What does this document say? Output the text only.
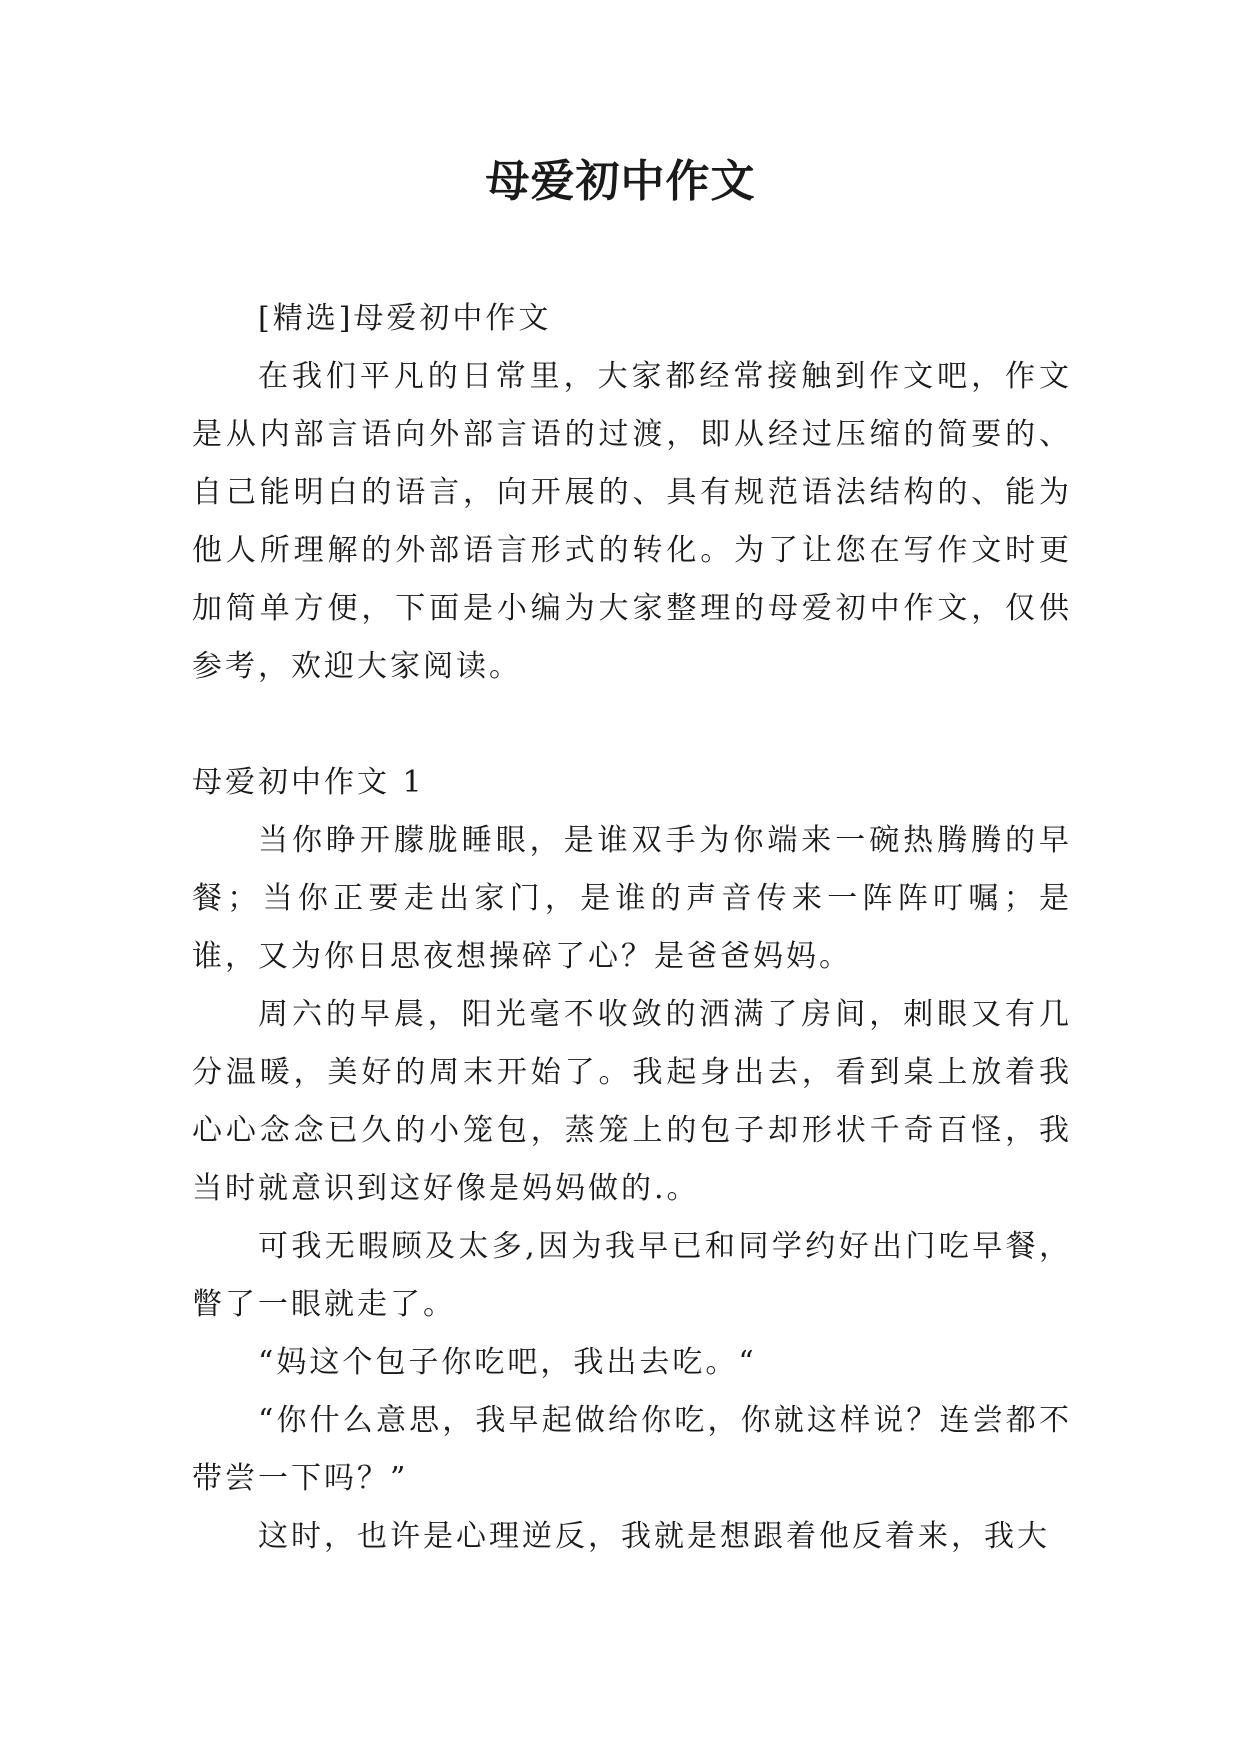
母爱初中作文

[精选]母爱初中作文

在我们平凡的日常里，大家都经常接触到作文吧，作文是从内部言语向外部言语的过渡，即从经过压缩的简要的、自己能明白的语言，向开展的、具有规范语法结构的、能为他人所理解的外部语言形式的转化。为了让您在写作文时更加简单方便，下面是小编为大家整理的母爱初中作文，仅供参考，欢迎大家阅读。

母爱初中作文 1

当你睁开朦胧睡眼，是谁双手为你端来一碗热腾腾的早餐；当你正要走出家门，是谁的声音传来一阵阵叮嘱；是谁，又为你日思夜想操碎了心？是爸爸妈妈。

周六的早晨，阳光毫不收敛的洒满了房间，刺眼又有几分温暖，美好的周末开始了。我起身出去，看到桌上放着我心心念念已久的小笼包，蒸笼上的包子却形状千奇百怪，我当时就意识到这好像是妈妈做的.。

可我无暇顾及太多,因为我早已和同学约好出门吃早餐，瞥了一眼就走了。

“妈这个包子你吃吧，我出去吃。“

“你什么意思，我早起做给你吃，你就这样说？连尝都不带尝一下吗？”

这时，也许是心理逆反，我就是想跟着他反着来，我大
